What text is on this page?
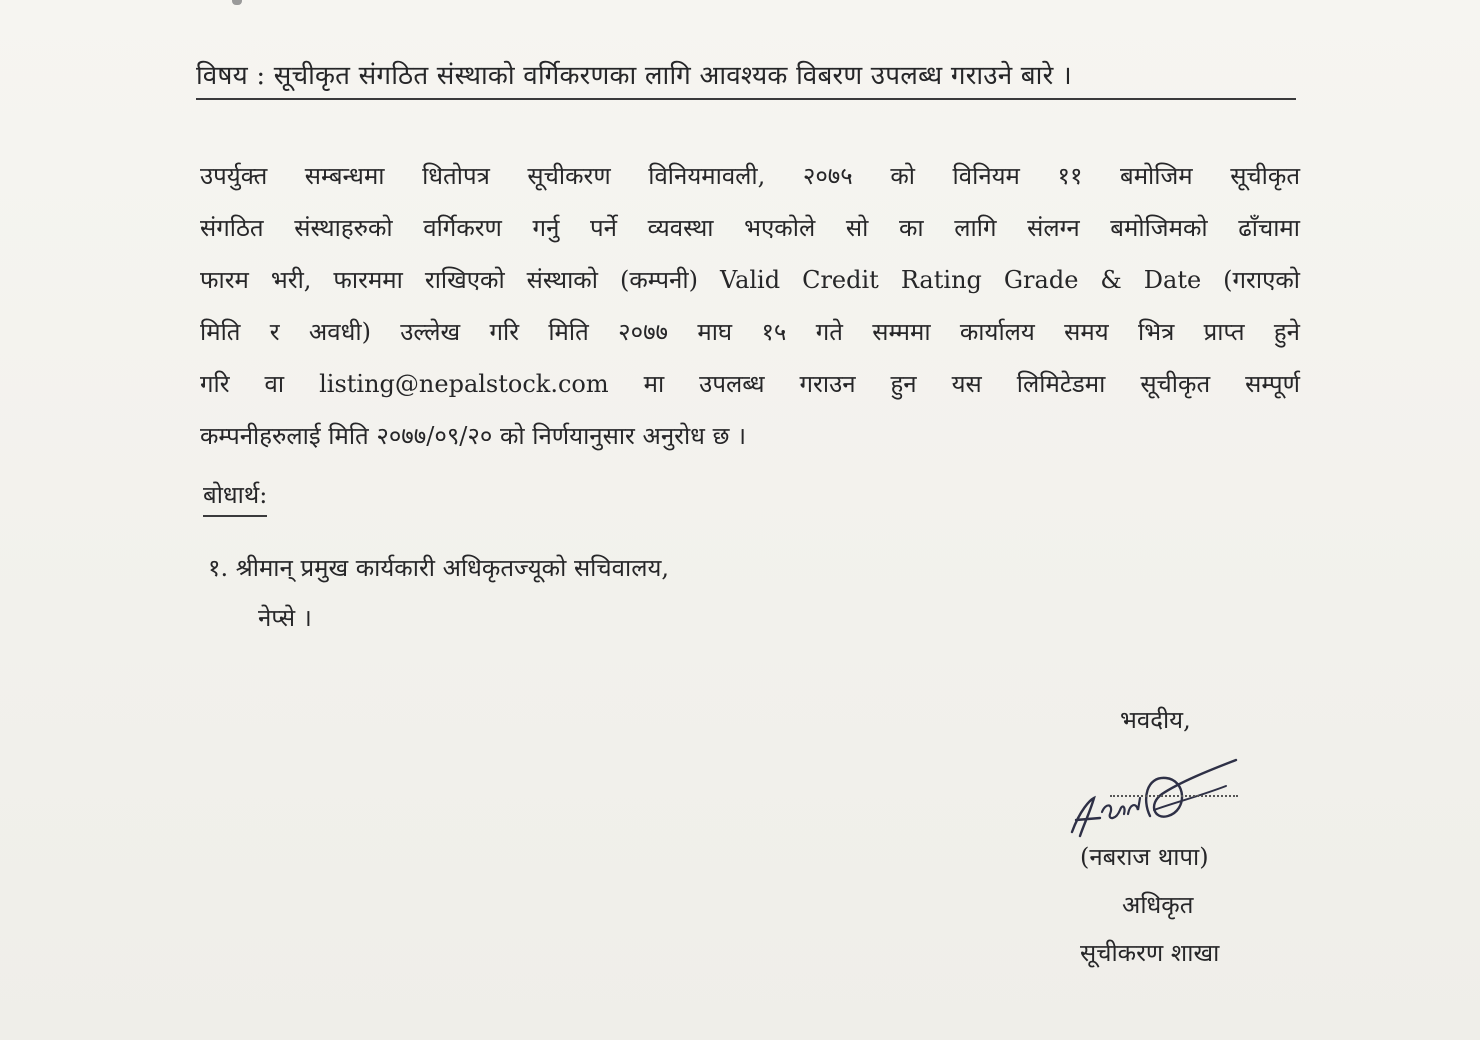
विषय : सूचीकृत संगठित संस्थाको वर्गिकरणका लागि आवश्यक विबरण उपलब्ध गराउने बारे ।
उपर्युक्त सम्बन्धमा धितोपत्र सूचीकरण विनियमावली, २०७५ को विनियम ११ बमोजिम सूचीकृत
संगठित संस्थाहरुको वर्गिकरण गर्नु पर्ने व्यवस्था भएकोले सो का लागि संलग्न बमोजिमको ढाँचामा
फारम भरी, फारममा राखिएको संस्थाको (कम्पनी) Valid Credit Rating Grade & Date (गराएको
मिति र अवधी) उल्लेख गरि मिति २०७७ माघ १५ गते सम्ममा कार्यालय समय भित्र प्राप्त हुने
गरि वा listing@nepalstock.com मा उपलब्ध गराउन हुन यस लिमिटेडमा सूचीकृत सम्पूर्ण
कम्पनीहरुलाई मिति २०७७/०९/२० को निर्णयानुसार अनुरोध छ ।
बोधार्थ:
१. श्रीमान् प्रमुख कार्यकारी अधिकृतज्यूको सचिवालय,
नेप्से ।
भवदीय,
(नबराज थापा)
अधिकृत
सूचीकरण शाखा
